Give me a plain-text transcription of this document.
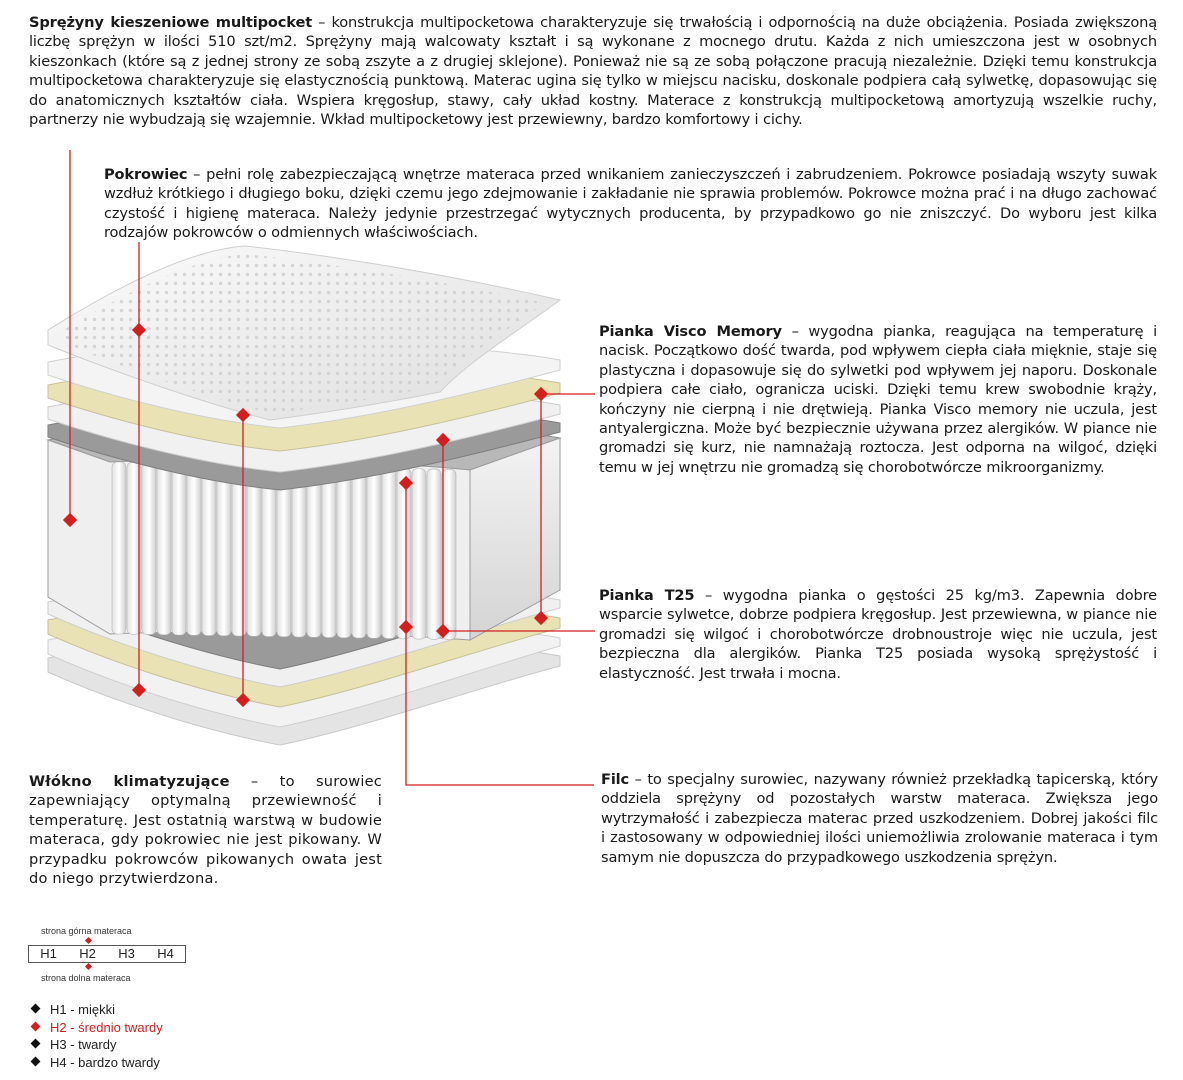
Sprężyny kieszeniowe multipocket – konstrukcja multipocketowa charakteryzuje się trwałością i odpornością na duże obciążenia. Posiada zwiększoną liczbę sprężyn w ilości 510 szt/m2. Sprężyny mają walcowaty kształt i są wykonane z mocnego drutu. Każda z nich umieszczona jest w osobnych kieszonkach (które są z jednej strony ze sobą zszyte a z drugiej sklejone). Ponieważ nie są ze sobą połączone pracują niezależnie. Dzięki temu konstrukcja multipocketowa charakteryzuje się elastycznością punktową. Materac ugina się tylko w miejscu nacisku, doskonale podpiera całą sylwetkę, dopasowując się do anatomicznych kształtów ciała. Wspiera kręgosłup, stawy, cały układ kostny. Materace z konstrukcją multipocketową amortyzują wszelkie ruchy, partnerzy nie wybudzają się wzajemnie. Wkład multipocketowy jest przewiewny, bardzo komfortowy i cichy.

Pokrowiec – pełni rolę zabezpieczającą wnętrze materaca przed wnikaniem zanieczyszczeń i zabrudzeniem. Pokrowce posiadają wszyty suwak wzdłuż krótkiego i długiego boku, dzięki czemu jego zdejmowanie i zakładanie nie sprawia problemów. Pokrowce można prać i na długo zachować czystość i higienę materaca. Należy jedynie przestrzegać wytycznych producenta, by przypadkowo go nie zniszczyć. Do wyboru jest kilka rodzajów pokrowców o odmiennych właściwościach.

Pianka Visco Memory – wygodna pianka, reagująca na temperaturę i nacisk. Początkowo dość twarda, pod wpływem ciepła ciała mięknie, staje się plastyczna i dopasowuje się do sylwetki pod wpływem jej naporu. Doskonale podpiera całe ciało, ogranicza uciski. Dzięki temu krew swobodnie krąży, kończyny nie cierpną i nie drętwieją. Pianka Visco memory nie uczula, jest antyalergiczna. Może być bezpiecznie używana przez alergików. W piance nie gromadzi się kurz, nie namnażają roztocza. Jest odporna na wilgoć, dzięki temu w jej wnętrzu nie gromadzą się chorobotwórcze mikroorganizmy.

Pianka T25 – wygodna pianka o gęstości 25 kg/m3. Zapewnia dobre wsparcie sylwetce, dobrze podpiera kręgosłup. Jest przewiewna, w piance nie gromadzi się wilgoć i chorobotwórcze drobnoustroje więc nie uczula, jest bezpieczna dla alergików. Pianka T25 posiada wysoką sprężystość i elastyczność. Jest trwała i mocna.

Filc – to specjalny surowiec, nazywany również przekładką tapicerską, który oddziela sprężyny od pozostałych warstw materaca. Zwiększa jego wytrzymałość i zabezpiecza materac przed uszkodzeniem. Dobrej jakości filc i zastosowany w odpowiedniej ilości uniemożliwia zrolowanie materaca i tym samym nie dopuszcza do przypadkowego uszkodzenia sprężyn.

Włókno klimatyzujące – to surowiec zapewniający optymalną przewiewność i temperaturę. Jest ostatnią warstwą w budowie materaca, gdy pokrowiec nie jest pikowany. W przypadku pokrowców pikowanych owata jest do niego przytwierdzona.

strona górna materaca
H1	H2	H3	H4
strona dolna materaca
H1 - miękki
H2 - średnio twardy
H3 - twardy
H4 - bardzo twardy
